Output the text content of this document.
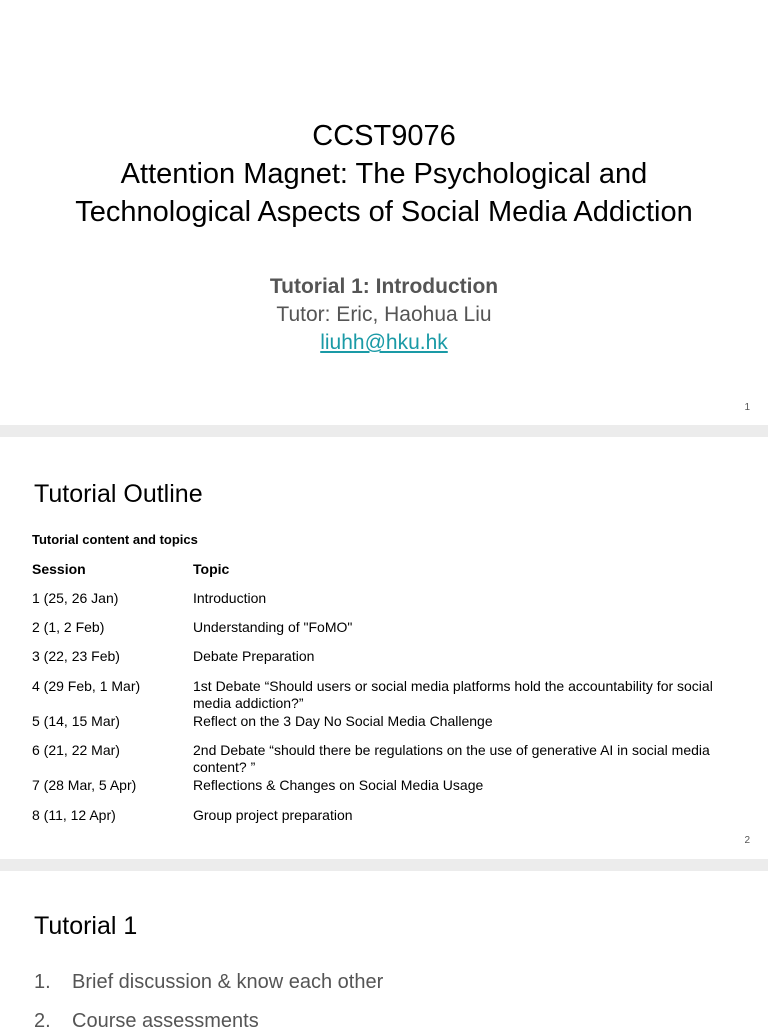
CCST9076
Attention Magnet: The Psychological and
Technological Aspects of Social Media Addiction
Tutorial 1: Introduction
Tutor: Eric, Haohua Liu
liuhh@hku.hk
1
Tutorial Outline
Tutorial content and topics
Session	Topic
1 (25, 26 Jan)	Introduction
2 (1, 2 Feb)	Understanding of "FoMO"
3 (22, 23 Feb)	Debate Preparation
4 (29 Feb, 1 Mar)	1st Debate “Should users or social media platforms hold the accountability for social media addiction?”
5 (14, 15 Mar)	Reflect on the 3 Day No Social Media Challenge
6 (21, 22 Mar)	2nd Debate “should there be regulations on the use of generative AI in social media content? ”
7 (28 Mar, 5 Apr)	Reflections & Changes on Social Media Usage
8 (11, 12 Apr)	Group project preparation
2
Tutorial 1
1. Brief discussion & know each other
2. Course assessments
